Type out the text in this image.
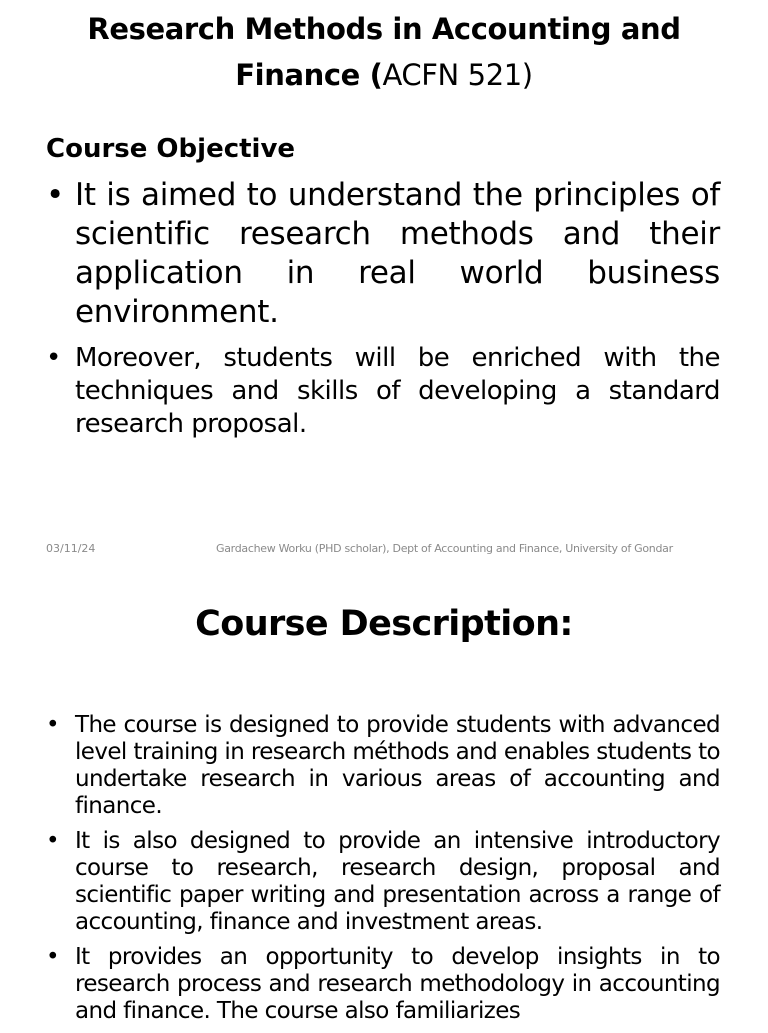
Research Methods in Accounting and Finance (ACFN 521)
Course Objective
• It is aimed to understand the principles of scientific research methods and their application in real world business environment.
• Moreover, students will be enriched with the techniques and skills of developing a standard research proposal.
03/11/24	Gardachew Worku (PHD scholar), Dept of Accounting and Finance, University of Gondar
Course Description:
• The course is designed to provide students with advanced level training in research méthods and enables students to undertake research in various areas of accounting and finance.
• It is also designed to provide an intensive introductory course to research, research design, proposal and scientific paper writing and presentation across a range of accounting, finance and investment areas.
• It provides an opportunity to develop insights in to research process and research methodology in accounting and finance. The course also familiarizes
